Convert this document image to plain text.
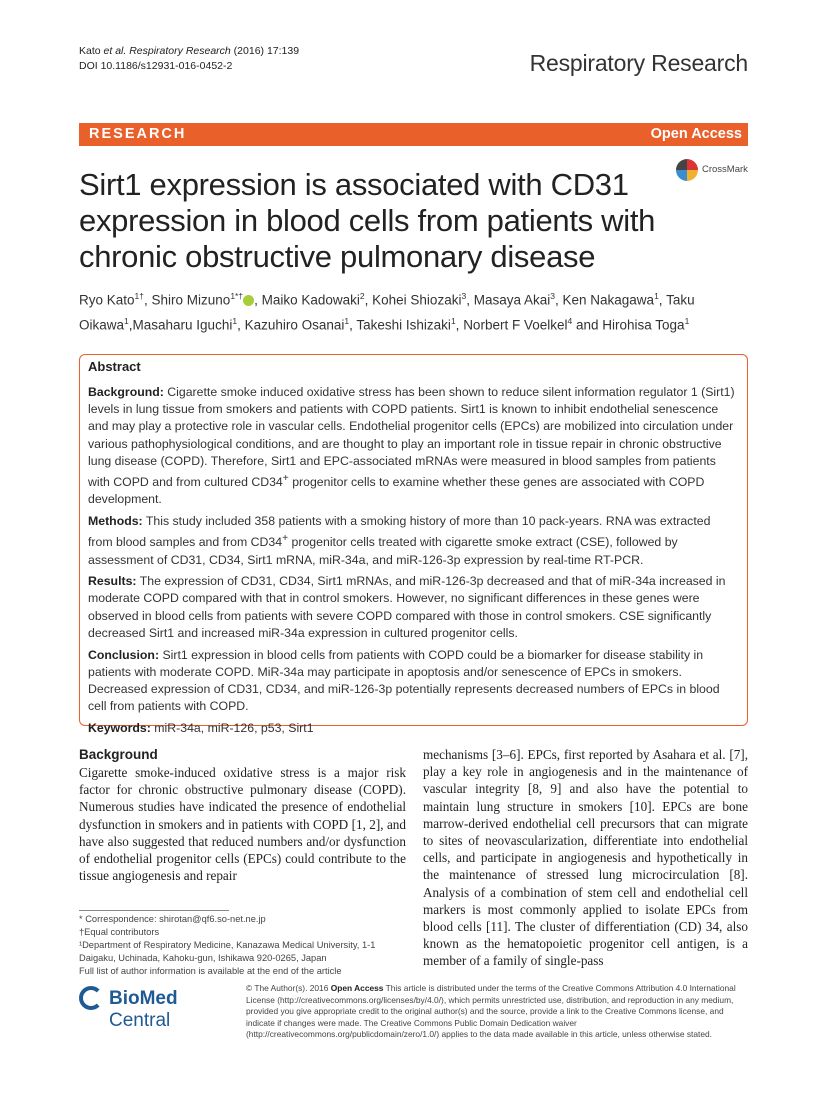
Kato et al. Respiratory Research (2016) 17:139
DOI 10.1186/s12931-016-0452-2	Respiratory Research
RESEARCH	Open Access
CrossMark
Sirt1 expression is associated with CD31 expression in blood cells from patients with chronic obstructive pulmonary disease
Ryo Kato$^{1\dagger}$, Shiro Mizuno$^{1*\dagger}$ , Maiko Kadowaki$^2$, Kohei Shiozaki$^3$, Masaya Akai$^3$, Ken Nakagawa$^1$, Taku Oikawa$^1$,Masaharu Iguchi$^1$, Kazuhiro Osanai$^1$, Takeshi Ishizaki$^1$, Norbert F Voelkel$^4$ and Hirohisa Toga$^1$
Abstract

Background: Cigarette smoke induced oxidative stress has been shown to reduce silent information regulator 1 (Sirt1) levels in lung tissue from smokers and patients with COPD patients. Sirt1 is known to inhibit endothelial senescence and may play a protective role in vascular cells. Endothelial progenitor cells (EPCs) are mobilized into circulation under various pathophysiological conditions, and are thought to play an important role in tissue repair in chronic obstructive lung disease (COPD). Therefore, Sirt1 and EPC-associated mRNAs were measured in blood samples from patients with COPD and from cultured CD34+ progenitor cells to examine whether these genes are associated with COPD development.

Methods: This study included 358 patients with a smoking history of more than 10 pack-years. RNA was extracted from blood samples and from CD34+ progenitor cells treated with cigarette smoke extract (CSE), followed by assessment of CD31, CD34, Sirt1 mRNA, miR-34a, and miR-126-3p expression by real-time RT-PCR.

Results: The expression of CD31, CD34, Sirt1 mRNAs, and miR-126-3p decreased and that of miR-34a increased in moderate COPD compared with that in control smokers. However, no significant differences in these genes were observed in blood cells from patients with severe COPD compared with those in control smokers. CSE significantly decreased Sirt1 and increased miR-34a expression in cultured progenitor cells.

Conclusion: Sirt1 expression in blood cells from patients with COPD could be a biomarker for disease stability in patients with moderate COPD. MiR-34a may participate in apoptosis and/or senescence of EPCs in smokers. Decreased expression of CD31, CD34, and miR-126-3p potentially represents decreased numbers of EPCs in blood cell from patients with COPD.

Keywords: miR-34a, miR-126, p53, Sirt1

Background

Cigarette smoke-induced oxidative stress is a major risk factor for chronic obstructive pulmonary disease (COPD). Numerous studies have indicated the presence of endothelial dysfunction in smokers and in patients with COPD [1, 2], and have also suggested that reduced numbers and/or dysfunction of endothelial progenitor cells (EPCs) could contribute to the tissue angiogenesis and repair

mechanisms [3–6]. EPCs, first reported by Asahara et al. [7], play a key role in angiogenesis and in the maintenance of vascular integrity [8, 9] and also have the potential to maintain lung structure in smokers [10]. EPCs are bone marrow-derived endothelial cell precursors that can migrate to sites of neovascularization, differentiate into endothelial cells, and participate in angiogenesis and hypothetically in the maintenance of stressed lung microcirculation [8]. Analysis of a combination of stem cell and endothelial cell markers is most commonly applied to isolate EPCs from blood cells [11]. The cluster of differentiation (CD) 34, also known as the hematopoietic progenitor cell antigen, is a member of a family of single-pass

* Correspondence: shirotan@qf6.so-net.ne.jp

†Equal contributors

¹Department of Respiratory Medicine, Kanazawa Medical University, 1-1

Daigaku, Uchinada, Kahoku-gun, Ishikawa 920-0265, Japan

Full list of author information is available at the end of the article

BioMed Central
© The Author(s). 2016 Open Access This article is distributed under the terms of the Creative Commons Attribution 4.0 International License (http://creativecommons.org/licenses/by/4.0/), which permits unrestricted use, distribution, and reproduction in any medium, provided you give appropriate credit to the original author(s) and the source, provide a link to the Creative Commons license, and indicate if changes were made. The Creative Commons Public Domain Dedication waiver (http://creativecommons.org/publicdomain/zero/1.0/) applies to the data made available in this article, unless otherwise stated.
